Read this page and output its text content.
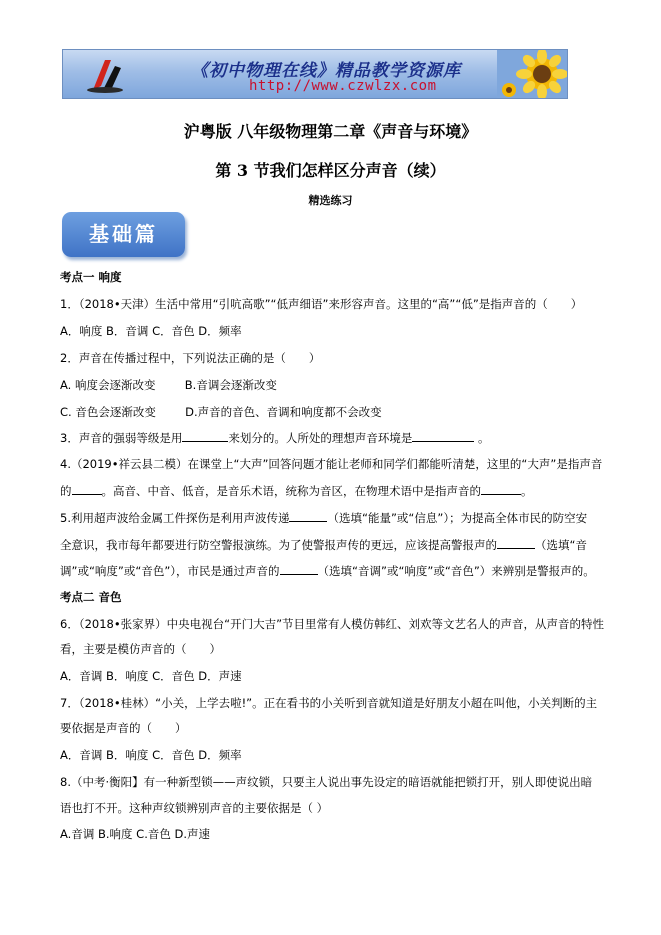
《初中物理在线》精品教学资源库
http://www.czwlzx.com
沪粤版 八年级物理第二章《声音与环境》
第 3 节我们怎样区分声音（续）
精选练习
基础篇
考点一 响度
1．（2018•天津）生活中常用“引吭高歌”“低声细语”来形容声音。这里的“高”“低”是指声音的（　　）
A．响度 B．音调 C．音色 D．频率
2．声音在传播过程中，下列说法正确的是（　　）
A. 响度会逐渐改变	B.音调会逐渐改变
C. 音色会逐渐改变	D.声音的音色、音调和响度都不会改变
3．声音的强弱等级是用	来划分的。人所处的理想声音环境是	。
4.（2019•祥云县二模）在课堂上“大声”回答问题才能让老师和同学们都能听清楚，这里的“大声”是指声音
的	。高音、中音、低音，是音乐术语，统称为音区，在物理术语中是指声音的	。
5.利用超声波给金属工件探伤是利用声波传递	（选填“能量”或“信息”）；为提高全体市民的防空安
全意识，我市每年都要进行防空警报演练。为了使警报声传的更远，应该提高警报声的	（选填“音
调”或“响度”或“音色”），市民是通过声音的	（选填“音调”或“响度”或“音色”）来辨别是警报声的。
考点二 音色
6．（2018•张家界）中央电视台“开门大吉”节目里常有人模仿韩红、刘欢等文艺名人的声音，从声音的特性
看，主要是模仿声音的（　　）
A．音调 B．响度 C．音色 D．声速
7．（2018•桂林）“小关，上学去啦!”。正在看书的小关听到音就知道是好朋友小超在叫他，小关判断的主
要依据是声音的（　　）
A．音调 B．响度 C．音色 D．频率
8.（中考·衡阳】有一种新型锁——声纹锁，只要主人说出事先设定的暗语就能把锁打开，别人即使说出暗
语也打不开。这种声纹锁辨别声音的主要依据是（ ）
A.音调 B.响度 C.音色 D.声速
